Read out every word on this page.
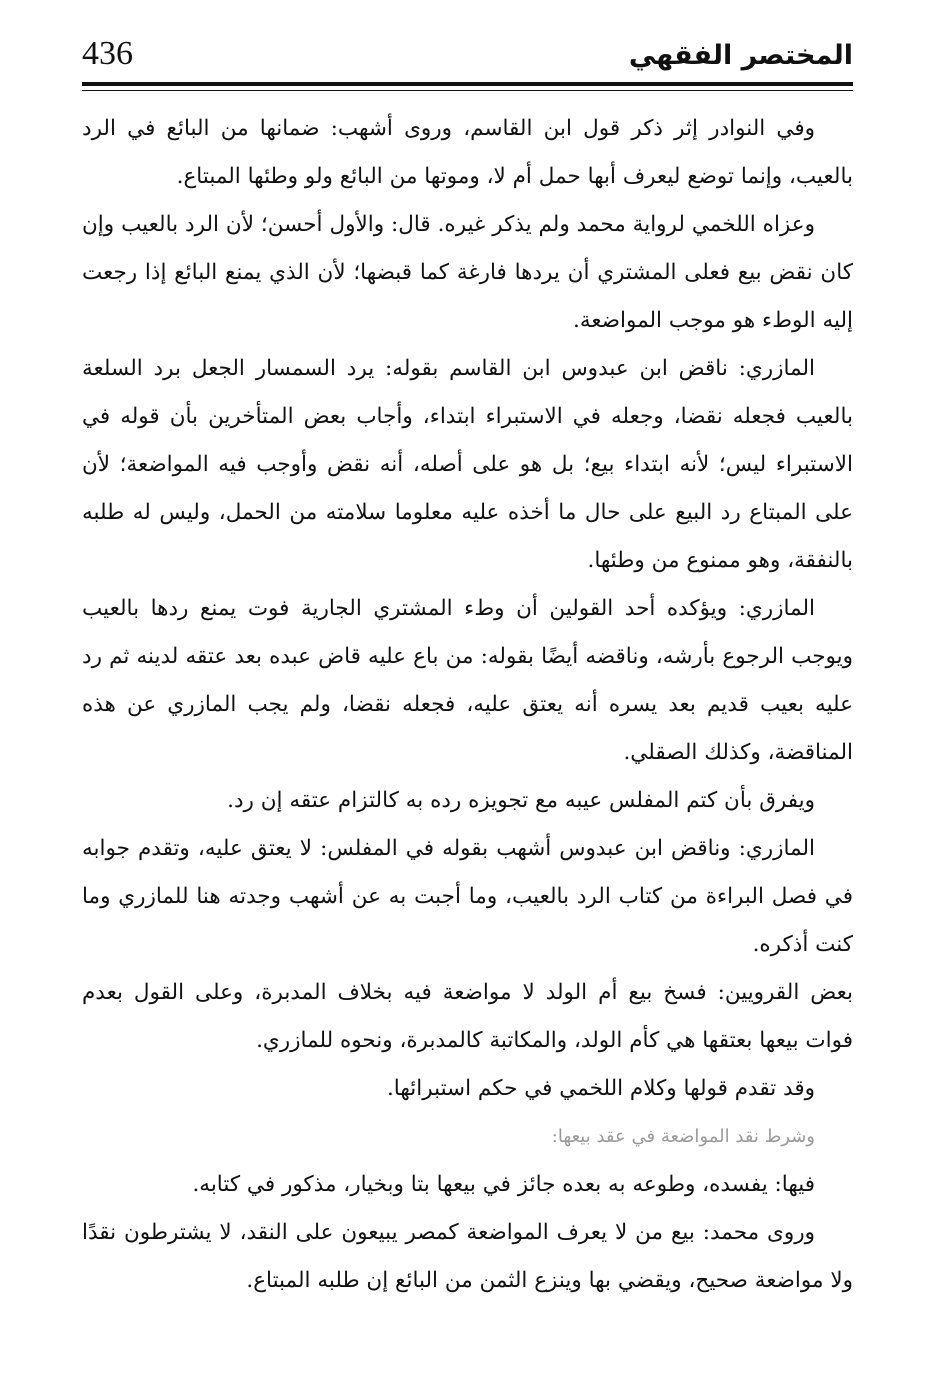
المختصر الفقهي
436

وفي النوادر إثر ذكر قول ابن القاسم، وروى أشهب: ضمانها من البائع في الرد بالعيب، وإنما توضع ليعرف أبها حمل أم لا، وموتها من البائع ولو وطئها المبتاع.

وعزاه اللخمي لرواية محمد ولم يذكر غيره. قال: والأول أحسن؛ لأن الرد بالعيب وإن كان نقض بيع فعلى المشتري أن يردها فارغة كما قبضها؛ لأن الذي يمنع البائع إذا رجعت إليه الوطء هو موجب المواضعة.

المازري: ناقض ابن عبدوس ابن القاسم بقوله: يرد السمسار الجعل برد السلعة بالعيب فجعله نقضا، وجعله في الاستبراء ابتداء، وأجاب بعض المتأخرين بأن قوله في الاستبراء ليس؛ لأنه ابتداء بيع؛ بل هو على أصله، أنه نقض وأوجب فيه المواضعة؛ لأن على المبتاع رد البيع على حال ما أخذه عليه معلوما سلامته من الحمل، وليس له طلبه بالنفقة، وهو ممنوع من وطئها.

المازري: ويؤكده أحد القولين أن وطء المشتري الجارية فوت يمنع ردها بالعيب ويوجب الرجوع بأرشه، وناقضه أيضًا بقوله: من باع عليه قاض عبده بعد عتقه لدينه ثم رد عليه بعيب قديم بعد يسره أنه يعتق عليه، فجعله نقضا، ولم يجب المازري عن هذه المناقضة، وكذلك الصقلي.

ويفرق بأن كتم المفلس عيبه مع تجويزه رده به كالتزام عتقه إن رد.

المازري: وناقض ابن عبدوس أشهب بقوله في المفلس: لا يعتق عليه، وتقدم جوابه في فصل البراءة من كتاب الرد بالعيب، وما أجبت به عن أشهب وجدته هنا للمازري وما كنت أذكره.

بعض القرويين: فسخ بيع أم الولد لا مواضعة فيه بخلاف المدبرة، وعلى القول بعدم فوات بيعها بعتقها هي كأم الولد، والمكاتبة كالمدبرة، ونحوه للمازري.

وقد تقدم قولها وكلام اللخمي في حكم استبرائها.

وشرط نقد المواضعة في عقد بيعها:

فيها: يفسده، وطوعه به بعده جائز في بيعها بتا وبخيار، مذكور في كتابه.

وروى محمد: بيع من لا يعرف المواضعة كمصر يبيعون على النقد، لا يشترطون نقدًا ولا مواضعة صحيح، ويقضي بها وينزع الثمن من البائع إن طلبه المبتاع.
